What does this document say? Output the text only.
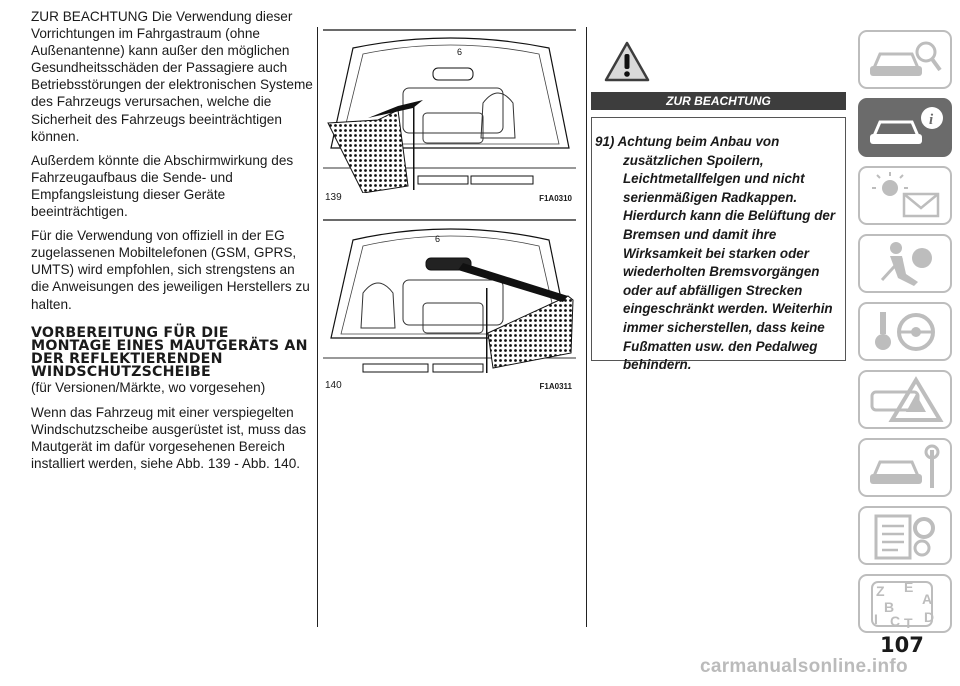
ZUR BEACHTUNG Die Verwendung dieser Vorrichtungen im Fahrgastraum (ohne Außenantenne) kann außer den möglichen Gesundheitsschäden der Passagiere auch Betriebsstörungen der elektronischen Systeme des Fahrzeugs verursachen, welche die Sicherheit des Fahrzeugs beeinträchtigen können.

Außerdem könnte die Abschirmwirkung des Fahrzeugaufbaus die Sende- und Empfangsleistung dieser Geräte beeinträchtigen.

Für die Verwendung von offiziell in der EG zugelassenen Mobiltelefonen (GSM, GPRS, UMTS) wird empfohlen, sich strengstens an die Anweisungen des jeweiligen Herstellers zu halten.

VORBEREITUNG FÜR DIE MONTAGE EINES MAUTGERÄTS AN DER REFLEKTIERENDEN WINDSCHUTZSCHEIBE

(für Versionen/Märkte, wo vorgesehen)

Wenn das Fahrzeug mit einer verspiegelten Windschutzscheibe ausgerüstet ist, muss das Mautgerät im dafür vorgesehenen Bereich installiert werden, siehe Abb. 139 - Abb. 140.

6
139	F1A0310
6
140	F1A0311
ZUR BEACHTUNG
91) Achtung beim Anbau von zusätzlichen Spoilern, Leichtmetallfelgen und nicht serienmäßigen Radkappen. Hierdurch kann die Belüftung der Bremsen und damit ihre Wirksamkeit bei starken oder wiederholten Bremsvorgängen oder auf abfälligen Strecken eingeschränkt werden. Weiterhin immer sicherstellen, dass keine Fußmatten usw. den Pedalweg behindern.
i
Z E
A
B
I C T D
107
carmanualsonline.info
